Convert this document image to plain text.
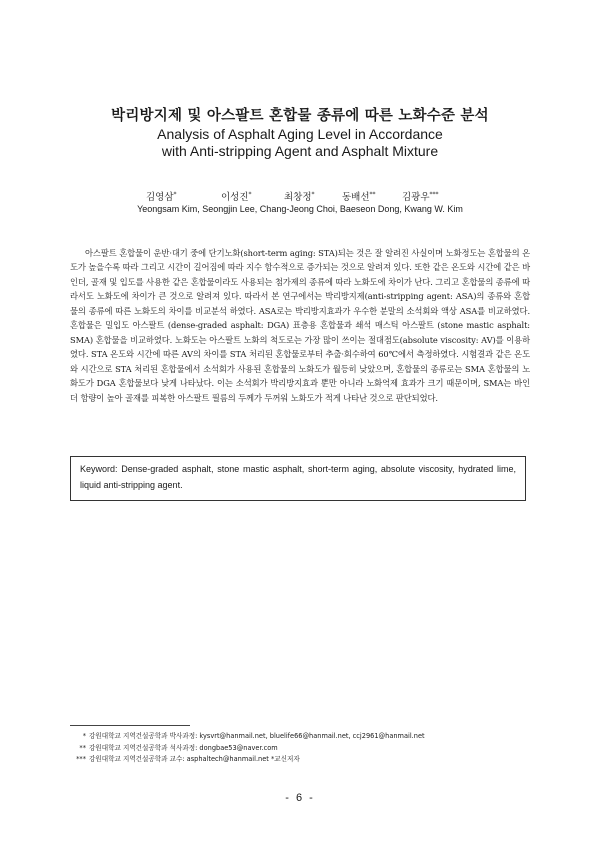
박리방지제 및 아스팔트 혼합물 종류에 따른 노화수준 분석
Analysis of Asphalt Aging Level in Accordance
with Anti-stripping Agent and Asphalt Mixture
김영삼*	이성진*	최창정*	동배선**	김광우***
Yeongsam Kim, Seongjin Lee, Chang-Jeong Choi, Baeseon Dong, Kwang W. Kim

아스팔트 혼합물이 운반·대기 중에 단기노화(short-term aging: STA)되는 것은 잘 알려진 사실이며 노화정도는 혼합물의 온도가 높을수록 따라 그리고 시간이 길어짐에 따라 지수 함수적으로 증가되는 것으로 알려져 있다. 또한 같은 온도와 시간에 같은 바인더, 골재 및 입도를 사용한 같은 혼합물이라도 사용되는 첨가제의 종류에 따라 노화도에 차이가 난다. 그리고 혼합물의 종류에 따라서도 노화도에 차이가 큰 것으로 알려져 있다. 따라서 본 연구에서는 박리방지제(anti-stripping agent: ASA)의 종류와 혼합물의 종류에 따른 노화도의 차이를 비교분석 하였다. ASA로는 박리방지효과가 우수한 분말의 소석회와 액상 ASA를 비교하였다. 혼합물은 밀입도 아스팔트 (dense-graded asphalt: DGA) 표층용 혼합물과 쇄석 매스틱 아스팔트 (stone mastic asphalt: SMA) 혼합물을 비교하였다. 노화도는 아스팔트 노화의 척도로는 가장 많이 쓰이는 절대점도(absolute viscosity: AV)를 이용하였다. STA 온도와 시간에 따른 AV의 차이를 STA 처리된 혼합물로부터 추출·회수하여 60℃에서 측정하였다. 시험결과 같은 온도와 시간으로 STA 처리된 혼합물에서 소석회가 사용된 혼합물의 노화도가 월등히 낮았으며, 혼합물의 종류로는 SMA 혼합물의 노화도가 DGA 혼합물보다 낮게 나타났다. 이는 소석회가 박리방지효과 뿐만 아니라 노화억제 효과가 크기 때문이며, SMA는 바인더 함량이 높아 골재를 피복한 아스팔트 필름의 두께가 두꺼워 노화도가 적게 나타난 것으로 판단되었다.

Keyword: Dense-graded asphalt, stone mastic asphalt, short-term aging, absolute viscosity, hydrated lime, liquid anti-stripping agent.
* 강원대학교 지역건설공학과 박사과정: kysvrt@hanmail.net, bluelife66@hanmail.net, ccj2961@hanmail.net
** 강원대학교 지역건설공학과 석사과정: dongbae53@naver.com
*** 강원대학교 지역건설공학과 교수: asphaltech@hanmail.net *교신저자
- 6 -
